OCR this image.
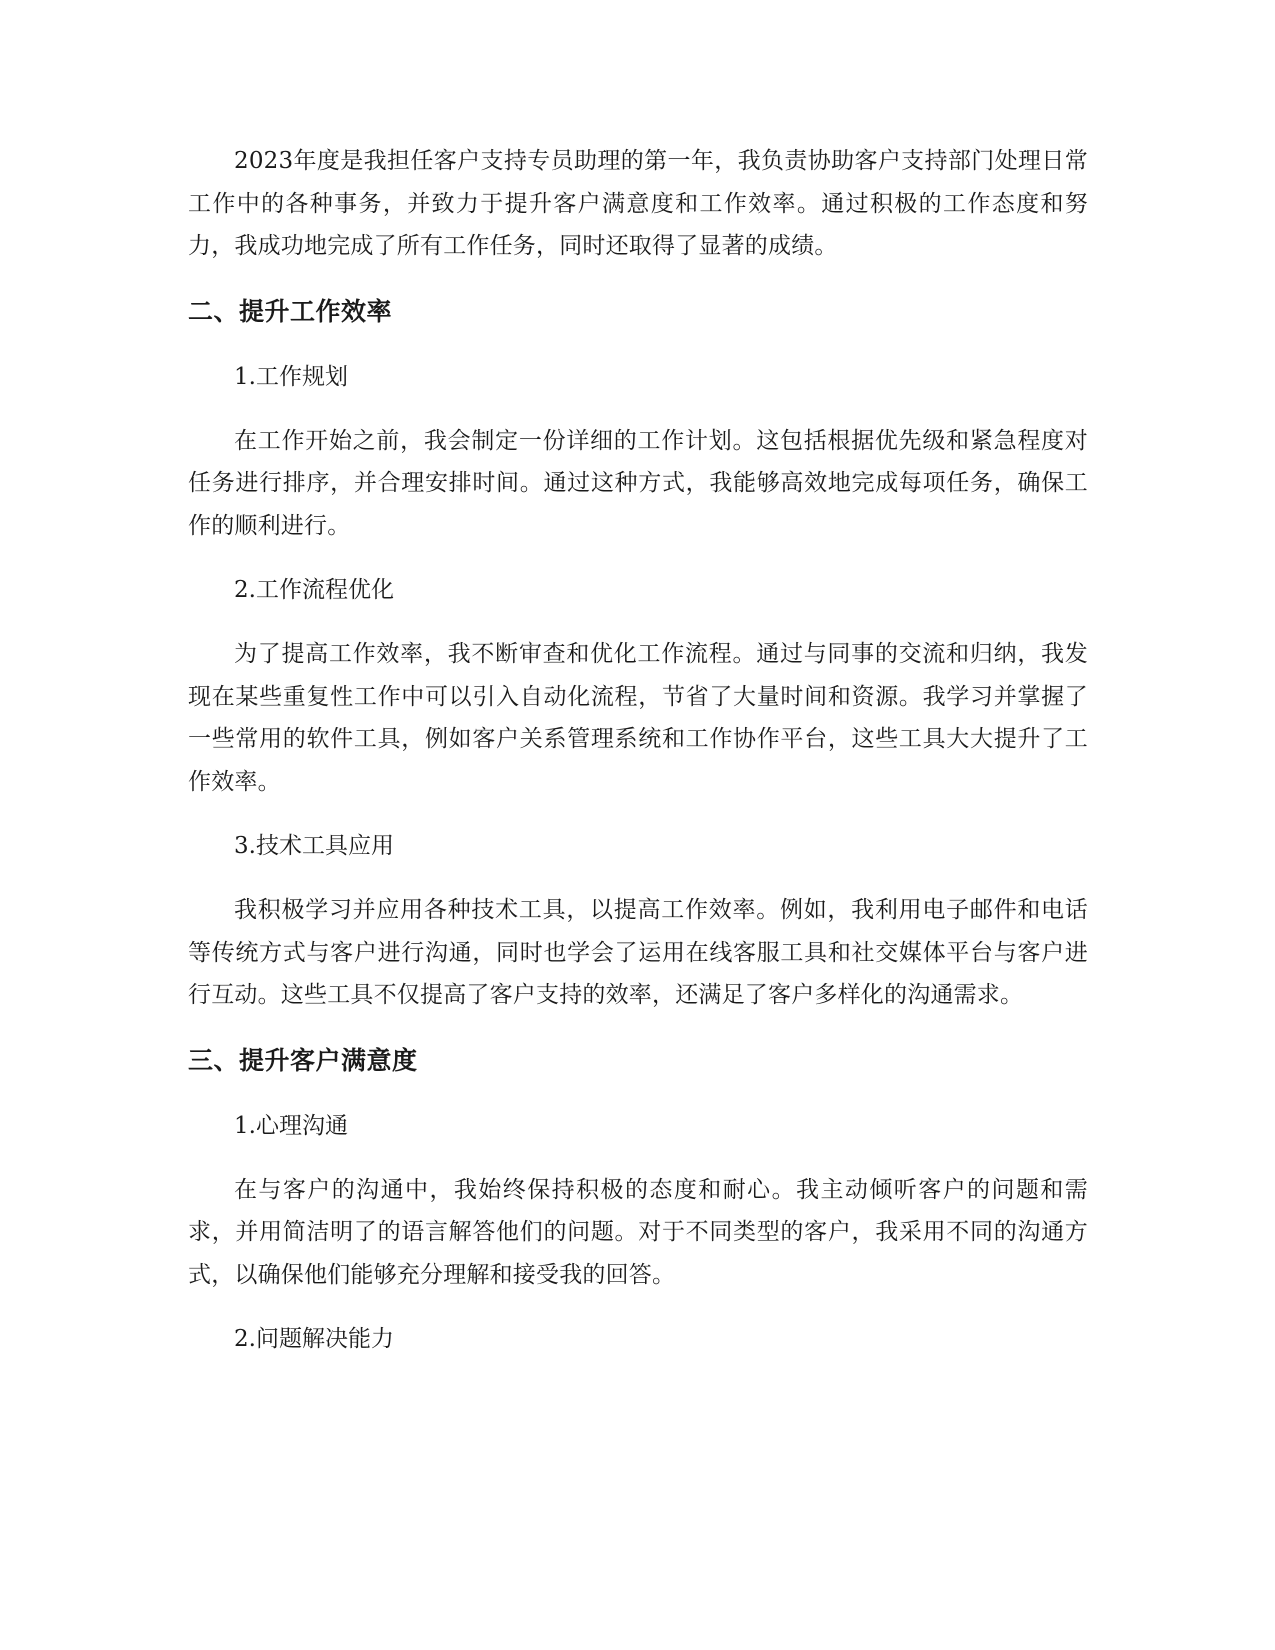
2023年度是我担任客户支持专员助理的第一年，我负责协助客户支持部门处理日常工作中的各种事务，并致力于提升客户满意度和工作效率。通过积极的工作态度和努力，我成功地完成了所有工作任务，同时还取得了显著的成绩。

二、提升工作效率

1.工作规划

在工作开始之前，我会制定一份详细的工作计划。这包括根据优先级和紧急程度对任务进行排序，并合理安排时间。通过这种方式，我能够高效地完成每项任务，确保工作的顺利进行。

2.工作流程优化

为了提高工作效率，我不断审查和优化工作流程。通过与同事的交流和归纳，我发现在某些重复性工作中可以引入自动化流程，节省了大量时间和资源。我学习并掌握了一些常用的软件工具，例如客户关系管理系统和工作协作平台，这些工具大大提升了工作效率。

3.技术工具应用

我积极学习并应用各种技术工具，以提高工作效率。例如，我利用电子邮件和电话等传统方式与客户进行沟通，同时也学会了运用在线客服工具和社交媒体平台与客户进行互动。这些工具不仅提高了客户支持的效率，还满足了客户多样化的沟通需求。

三、提升客户满意度

1.心理沟通

在与客户的沟通中，我始终保持积极的态度和耐心。我主动倾听客户的问题和需求，并用简洁明了的语言解答他们的问题。对于不同类型的客户，我采用不同的沟通方式，以确保他们能够充分理解和接受我的回答。

2.问题解决能力
